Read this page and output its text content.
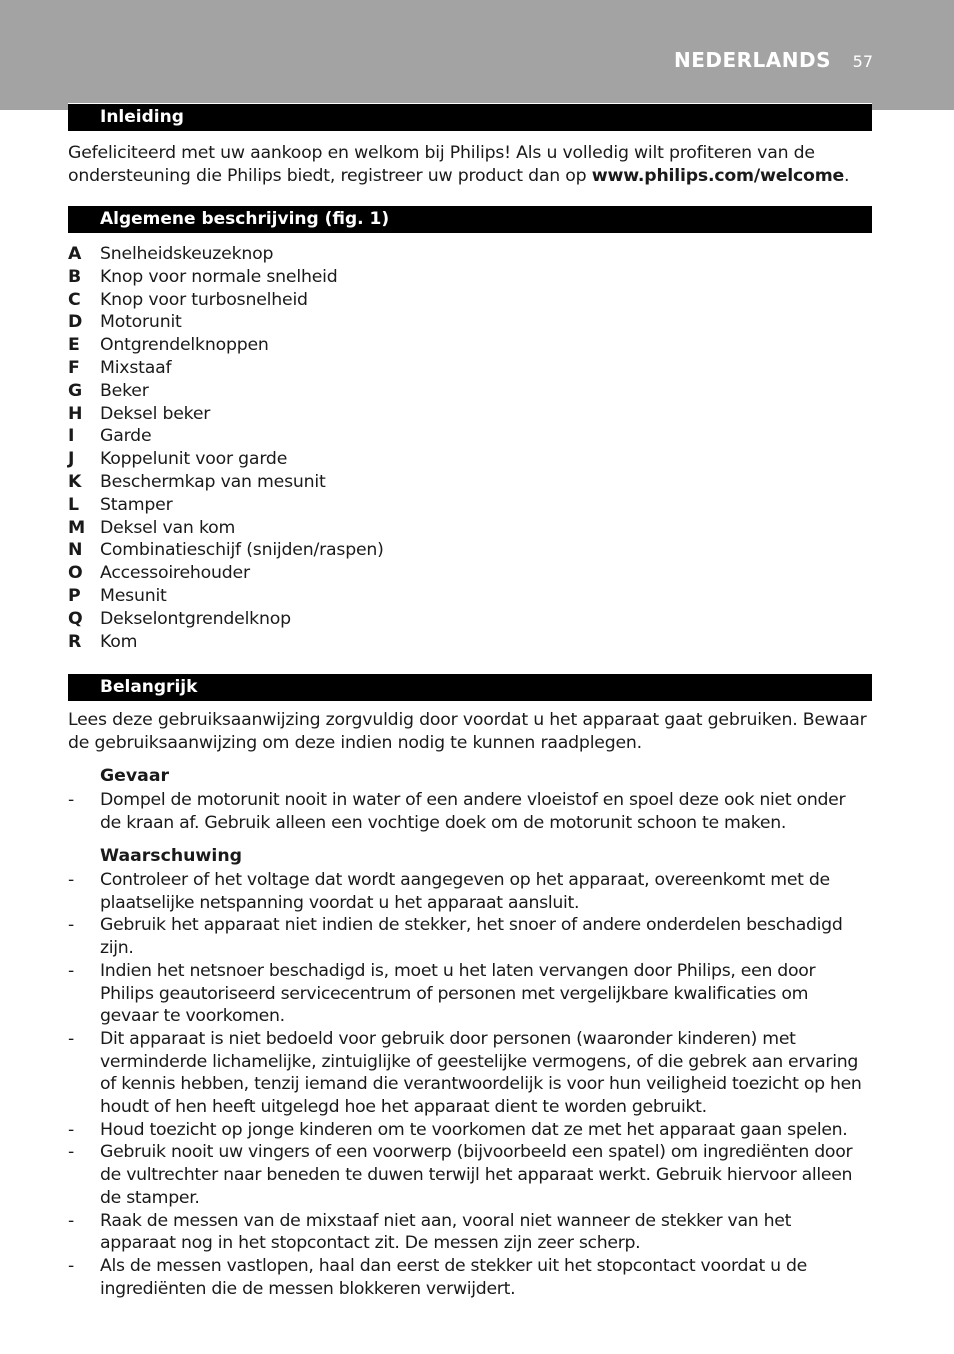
NEDERLANDS 57
Inleiding
Gefeliciteerd met uw aankoop en welkom bij Philips! Als u volledig wilt profiteren van de ondersteuning die Philips biedt, registreer uw product dan op www.philips.com/welcome.
Algemene beschrijving (fig. 1)
A	Snelheidskeuzeknop
B	Knop voor normale snelheid
C	Knop voor turbosnelheid
D	Motorunit
E	Ontgrendelknoppen
F	Mixstaaf
G	Beker
H	Deksel beker
I	Garde
J	Koppelunit voor garde
K	Beschermkap van mesunit
L	Stamper
M Deksel van kom
N	Combinatieschijf (snijden/raspen)
O Accessoirehouder
P	Mesunit
Q Dekselontgrendelknop
R	Kom
Belangrijk
Lees deze gebruiksaanwijzing zorgvuldig door voordat u het apparaat gaat gebruiken. Bewaar de gebruiksaanwijzing om deze indien nodig te kunnen raadplegen.
Gevaar
- Dompel de motorunit nooit in water of een andere vloeistof en spoel deze ook niet onder de kraan af. Gebruik alleen een vochtige doek om de motorunit schoon te maken.
Waarschuwing
- Controleer of het voltage dat wordt aangegeven op het apparaat, overeenkomt met de plaatselijke netspanning voordat u het apparaat aansluit.
- Gebruik het apparaat niet indien de stekker, het snoer of andere onderdelen beschadigd zijn.
- Indien het netsnoer beschadigd is, moet u het laten vervangen door Philips, een door Philips geautoriseerd servicecentrum of personen met vergelijkbare kwalificaties om gevaar te voorkomen.
- Dit apparaat is niet bedoeld voor gebruik door personen (waaronder kinderen) met verminderde lichamelijke, zintuiglijke of geestelijke vermogens, of die gebrek aan ervaring of kennis hebben, tenzij iemand die verantwoordelijk is voor hun veiligheid toezicht op hen houdt of hen heeft uitgelegd hoe het apparaat dient te worden gebruikt.
- Houd toezicht op jonge kinderen om te voorkomen dat ze met het apparaat gaan spelen.
- Gebruik nooit uw vingers of een voorwerp (bijvoorbeeld een spatel) om ingrediënten door de vultrechter naar beneden te duwen terwijl het apparaat werkt. Gebruik hiervoor alleen de stamper.
- Raak de messen van de mixstaaf niet aan, vooral niet wanneer de stekker van het apparaat nog in het stopcontact zit. De messen zijn zeer scherp.
- Als de messen vastlopen, haal dan eerst de stekker uit het stopcontact voordat u de ingrediënten die de messen blokkeren verwijdert.
